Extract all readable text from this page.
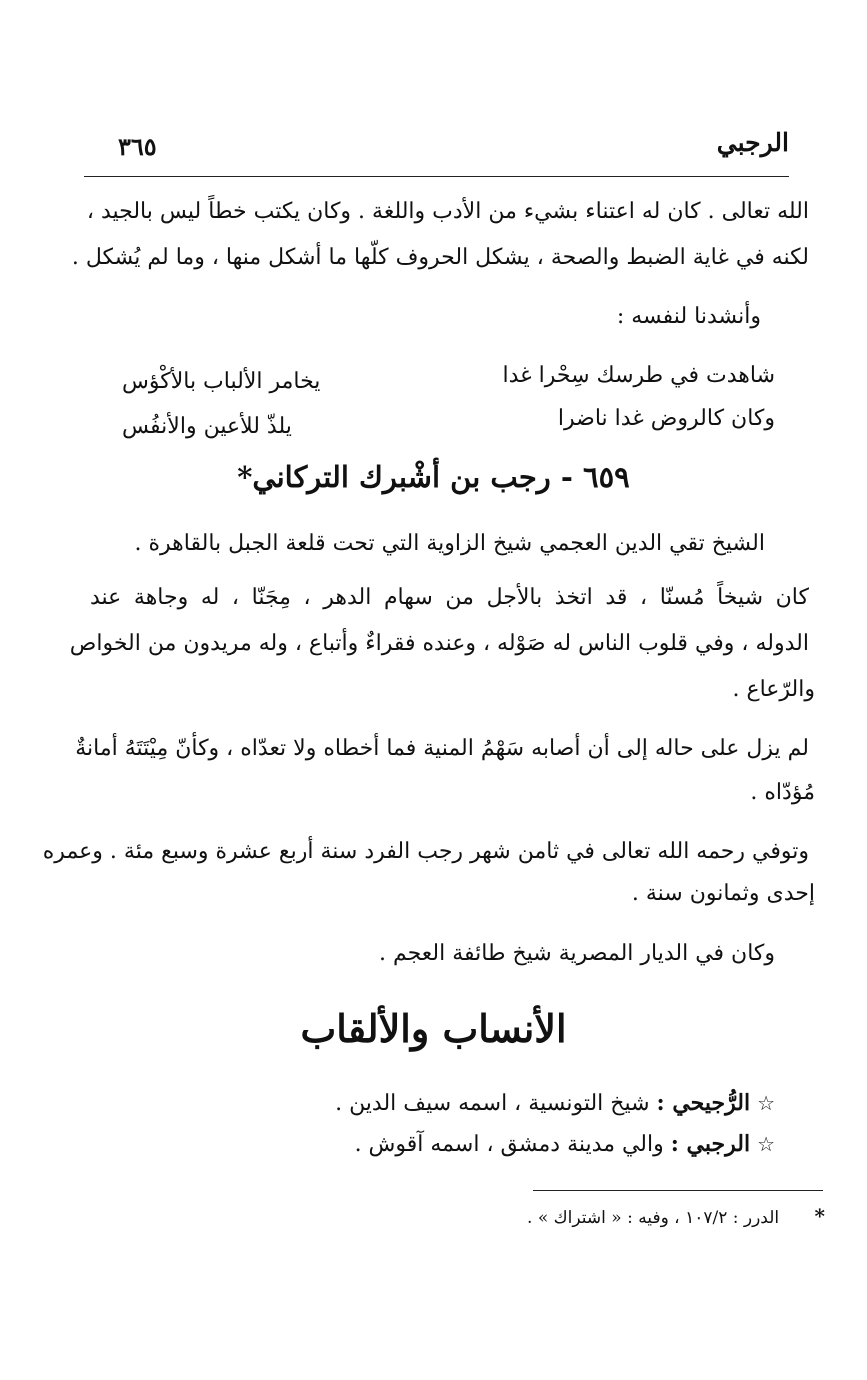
الرجبي
٣٦٥
الله تعالى . كان له اعتناء بشيء من الأدب واللغة . وكان يكتب خطاً ليس بالجيد ،
لكنه في غاية الضبط والصحة ، يشكل الحروف كلّها ما أشكل منها ، وما لم يُشكل .
وأنشدنا لنفسه :
شاهدت في طرسك سِحْرا غدا
يخامر الألباب بالأكْؤس
وكان كالروض غدا ناضرا
يلذّ للأعين والأنفُس
٦٥٩ - رجب بن أشْبرك التركاني*
الشيخ تقي الدين العجمي شيخ الزاوية التي تحت قلعة الجبل بالقاهرة .
كان شيخاً مُسنّا ، قد اتخذ بالأجل من سهام الدهر ، مِجَنّا ، له وجاهة عند
الدوله ، وفي قلوب الناس له صَوْله ، وعنده فقراءٌ وأتباع ، وله مريدون من الخواص
والرّعاع .
لم يزل على حاله إلى أن أصابه سَهْمُ المنية فما أخطاه ولا تعدّاه ، وكأنّ مِيْتَتَهُ أمانةٌ
مُؤدّاه .
وتوفي رحمه الله تعالى في ثامن شهر رجب الفرد سنة أربع عشرة وسبع مئة . وعمره
إحدى وثمانون سنة .
وكان في الديار المصرية شيخ طائفة العجم .
الأنساب والألقاب
☆ الرُّجيحي : شيخ التونسية ، اسمه سيف الدين .
☆ الرجبي : والي مدينة دمشق ، اسمه آقوش .
* الدرر : ١٠٧/٢ ، وفيه : « اشتراك » .
